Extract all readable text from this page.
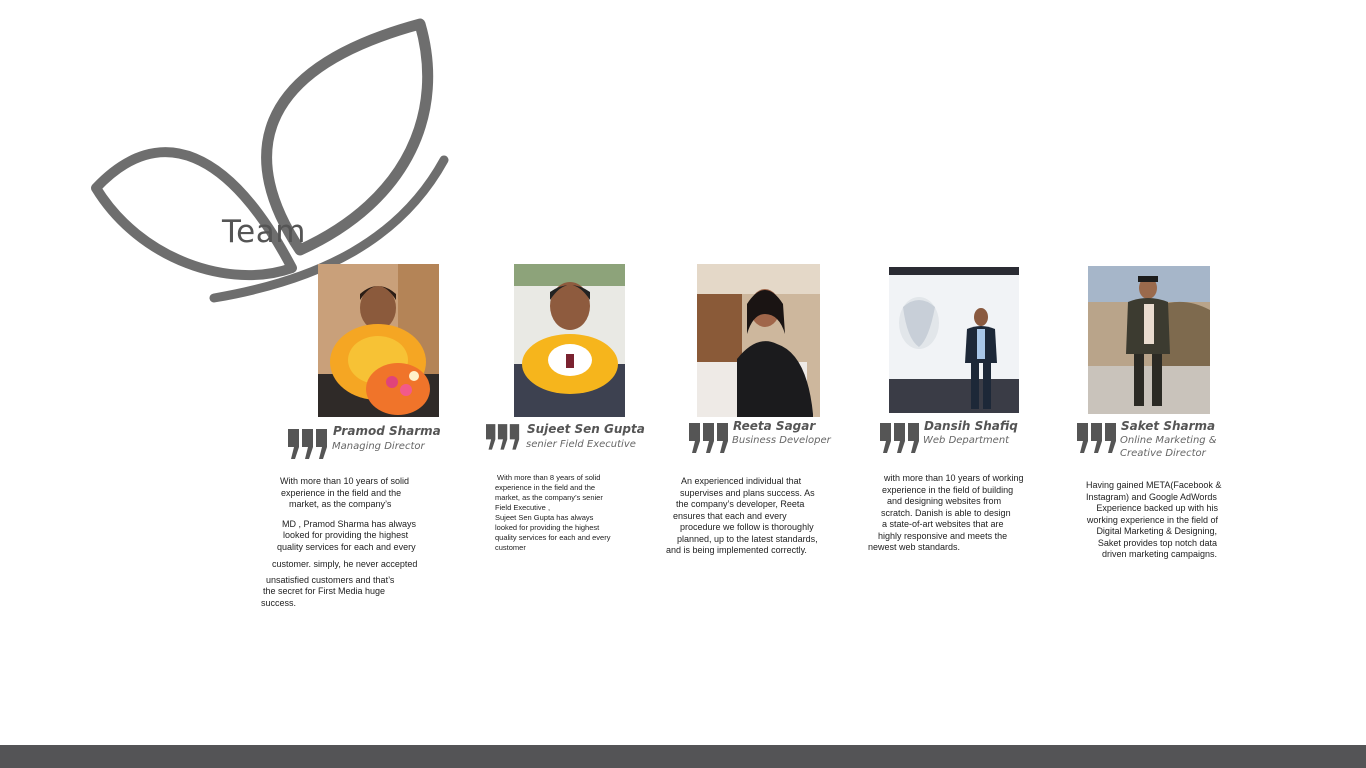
Team
Pramod Sharma
Managing Director
With more than 10 years of solid
experience in the field and the
market, as the company’s
MD , Pramod Sharma has always
looked for providing the highest
quality services for each and every
customer. simply, he never accepted
unsatisfied customers and that’s
the secret for First Media huge
success.
Sujeet Sen Gupta
senier Field Executive
With more than 8 years of solid
experience in the field and the
market, as the company’s senier
Field Executive ,
Sujeet Sen Gupta has always
looked for providing the highest
quality services for each and every
customer
Reeta Sagar
Business Developer
An experienced individual that
supervises and plans success. As
the company’s developer, Reeta
ensures that each and every
procedure we follow is thoroughly
planned, up to the latest standards,
and is being implemented correctly.
Dansih Shafiq
Web Department
with more than 10 years of working
experience in the field of building
and designing websites from
scratch. Danish is able to design
a state-of-art websites that are
highly responsive and meets the
newest web standards.
Saket Sharma
Online Marketing &
Creative Director
Having gained META(Facebook &
Instagram) and Google AdWords
Experience backed up with his
working experience in the field of
Digital Marketing & Designing,
Saket provides top notch data
driven marketing campaigns.
